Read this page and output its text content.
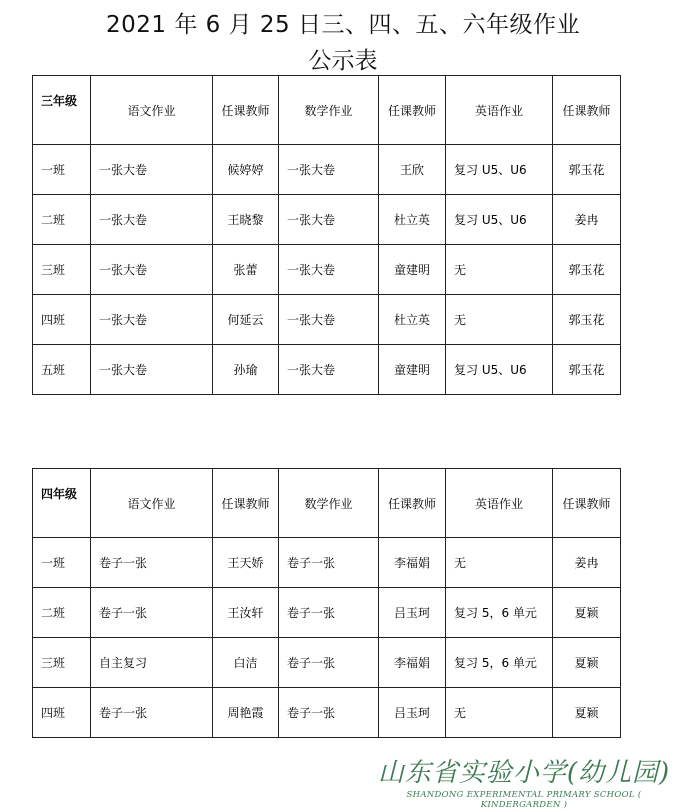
2021 年 6 月 25 日三、四、五、六年级作业
公示表
三年级	语文作业	任课教师	数学作业	任课教师	英语作业	任课教师
一班	一张大卷	候婷婷	一张大卷	王欣	复习 U5、U6	郭玉花
二班	一张大卷	王晓黎	一张大卷	杜立英	复习 U5、U6	姜冉
三班	一张大卷	张蕾	一张大卷	童建明	无	郭玉花
四班	一张大卷	何延云	一张大卷	杜立英	无	郭玉花
五班	一张大卷	孙瑜	一张大卷	童建明	复习 U5、U6	郭玉花
四年级	语文作业	任课教师	数学作业	任课教师	英语作业	任课教师
一班	卷子一张	王天娇	卷子一张	李福娟	无	姜冉
二班	卷子一张	王汝轩	卷子一张	吕玉珂	复习 5，6 单元	夏颖
三班	自主复习	白洁	卷子一张	李福娟	复习 5，6 单元	夏颖
四班	卷子一张	周艳霞	卷子一张	吕玉珂	无	夏颖
山东省实验小学(幼儿园)
SHANDONG EXPERIMENTAL PRIMARY SCHOOL ( KINDERGARDEN )
